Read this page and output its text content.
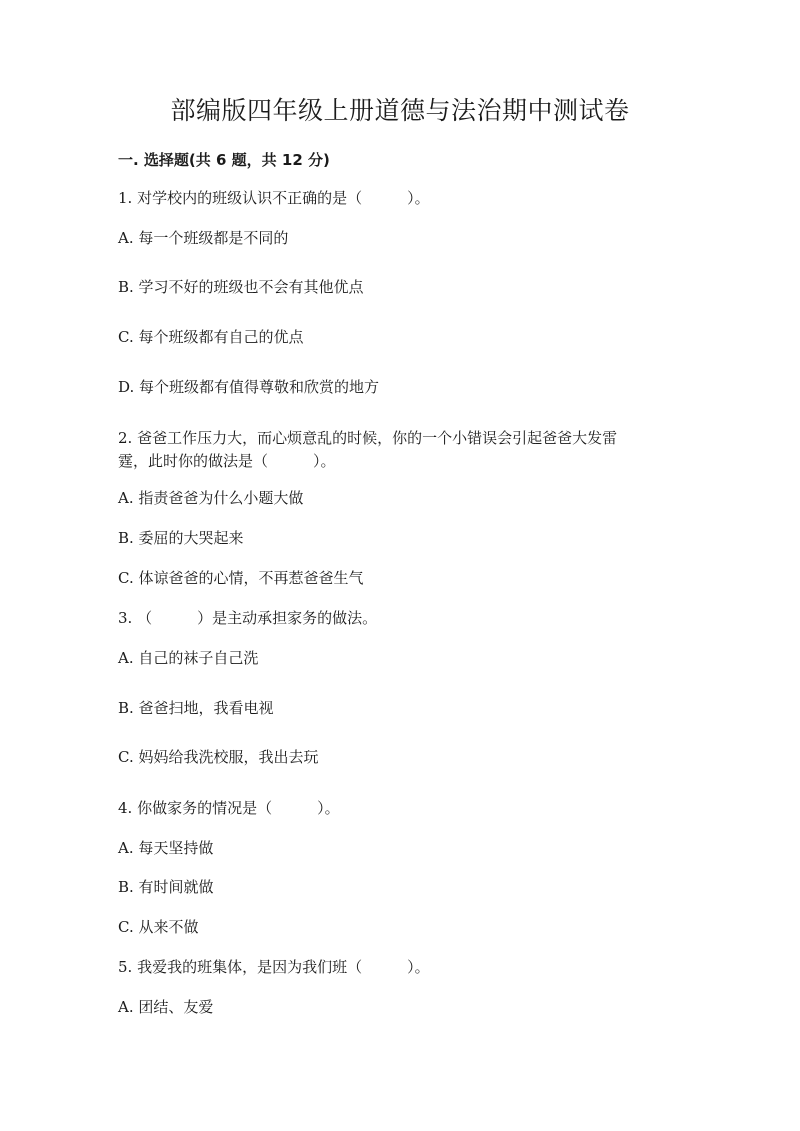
部编版四年级上册道德与法治期中测试卷
一. 选择题(共 6 题，共 12 分)
1. 对学校内的班级认识不正确的是（　　　）。
A. 每一个班级都是不同的
B. 学习不好的班级也不会有其他优点
C. 每个班级都有自己的优点
D. 每个班级都有值得尊敬和欣赏的地方
2. 爸爸工作压力大，而心烦意乱的时候，你的一个小错误会引起爸爸大发雷
霆，此时你的做法是（　　　）。
A. 指责爸爸为什么小题大做
B. 委屈的大哭起来
C. 体谅爸爸的心情，不再惹爸爸生气
3. （　　　）是主动承担家务的做法。
A. 自己的袜子自己洗
B. 爸爸扫地，我看电视
C. 妈妈给我洗校服，我出去玩
4. 你做家务的情况是（　　　）。
A. 每天坚持做
B. 有时间就做
C. 从来不做
5. 我爱我的班集体，是因为我们班（　　　）。
A. 团结、友爱
